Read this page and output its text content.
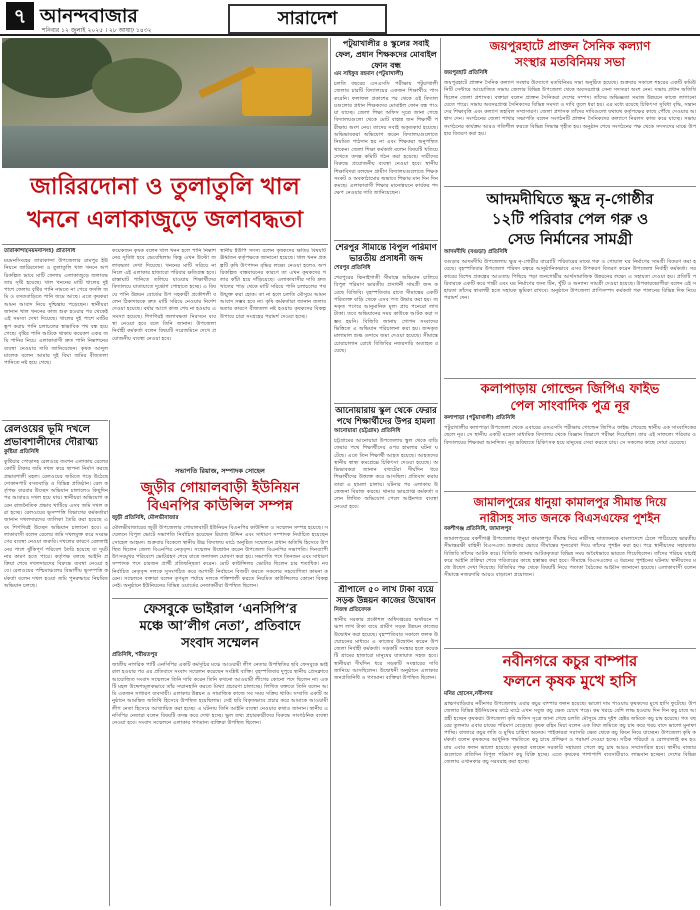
৭ আনন্দবাজার
শনিবার ১২ জুলাই ২০২৫ । ২৮ আষাঢ় ১৪৩২
সারাদেশ

জারিরদোনা ও তুলাতুলি খাল

খননে এলাকাজুড়ে জলাবদ্ধতা

তারাকান্দা(ময়মনসিংহ) প্রতিনিধি

ময়মনসিংহের তারাকান্দা উপজেলার রামপুর ইউনিয়নে জারিরদোনা ও তুলাতুলি খাল খননে অপরিকল্পিত ভাবে মাটি ফেলায় এলাকাজুড়ে জলাবদ্ধতার সৃষ্টি হয়েছে। খাল খননের মাটি খালের দুই পাশে ফেলায় বৃষ্টির পানি নামতে না পেরে ফসলি জমি ও বসতবাড়িতে পানি জমে আছে। এতে কৃষকরা আমন আবাদ নিয়ে দুশ্চিন্তায় পড়েছেন। স্থানীয়রা জানান খাল খননের কাজ শুরু হওয়ার পর থেকেই এই সমস্যা দেখা দিয়েছে। খালের দুই পাশে মাটির স্তূপ করায় পানি চলাচলের স্বাভাবিক পথ বন্ধ হয়ে গেছে। বৃষ্টির পানি আটকে থাকায় কয়েকশ একর জমি পানির নিচে। এলাকাবাসী দ্রুত পানি নিষ্কাশনের ব্যবস্থা নেওয়ার দাবি জানিয়েছেন। কৃষক আব্দুল মালেক বলেন আমার দুই বিঘা জমির বীজতলা পানিতে নষ্ট হয়ে গেছে।

কয়েকজন কৃষক বলেন খাল খনন হলে পানি নিষ্কাশনের সুবিধা হবে ভেবেছিলাম কিন্তু এখন উল্টো জলাবদ্ধতা দেখা দিয়েছে। খননের মাটি সরিয়ে না নিলে এই এলাকার হাজারো পরিবার ক্ষতিগ্রস্ত হবে। রাস্তাঘাট পানিতে তলিয়ে যাওয়ায় শিক্ষার্থীদের বিদ্যালয়ে যাতায়াতে দুর্ভোগ পোহাতে হচ্ছে। এ বিষয়ে পানি উন্নয়ন বোর্ডের উপ সহকারী প্রকৌশলী বলেন ঠিকাদারকে দ্রুত মাটি সরিয়ে নেওয়ার নির্দেশ দেওয়া হয়েছে। বর্ষার আগে কাজ শেষ না হওয়ায় এ সমস্যা হয়েছে। শিগগিরই জলাবদ্ধতা নিরসনে ব্যবস্থা নেওয়া হবে বলে তিনি জানান। উপজেলা নির্বাহী কর্মকর্তা বলেন বিষয়টি সরেজমিনে দেখে প্রয়োজনীয় ব্যবস্থা নেওয়া হবে।

স্থানীয় ইউপি সদস্য বলেন কৃষকদের ক্ষতির বিষয়টি ঊর্ধ্বতন কর্তৃপক্ষকে জানানো হয়েছে। খাল খনন প্রকল্পটি কৃষি উৎপাদন বৃদ্ধির লক্ষ্যে নেওয়া হলেও অপরিকল্পিত বাস্তবায়নের কারণে তা এখন কৃষকদের গলার কাঁটা হয়ে দাঁড়িয়েছে। এলাকাবাসীর দাবি দ্রুত খালের পাড় থেকে মাটি সরিয়ে পানি চলাচলের পথ উন্মুক্ত করা হোক। তা না হলে চলতি মৌসুমে আমন আবাদ সম্ভব হবে না। কৃষি কর্মকর্তারা জানান জলাবদ্ধতার কারণে বীজতলা নষ্ট হওয়ায় কৃষকদের বিকল্প উপায়ে চারা সংগ্রহের পরামর্শ দেওয়া হচ্ছে।

রেলওয়ের ভূমি দখলে প্রভাবশালীদের দৌরাত্ম্য

কুষ্টিয়া প্রতিনিধি

কুষ্টিয়ার পোড়াদহ রেলওয়ে জংশন এলাকায় রেলের কোটি টাকার জমি দখল করে স্থাপনা নির্মাণ করছে প্রভাবশালী মহল। রেলওয়ের জমিতে গড়ে উঠেছে দোকানপাট বসতবাড়ি ও বিভিন্ন প্রতিষ্ঠান। রেল কর্তৃপক্ষ বারবার উচ্ছেদ অভিযান চালালেও কিছুদিন পর আবারও দখল হয়ে যায়। স্থানীয়রা অভিযোগ করেন রাজনৈতিক প্রভাব খাটিয়ে এসব জমি দখল করা হচ্ছে। রেলওয়ের ভূসম্পত্তি বিভাগের কর্মকর্তারা জানান দখলদারদের তালিকা তৈরি করা হয়েছে এবং শিগগিরই উচ্ছেদ অভিযান চালানো হবে। এলাকাবাসী বলেন রেলের জমি দখলমুক্ত করে সংরক্ষণের ব্যবস্থা নেওয়া জরুরি। দখলের কারণে রেললাইনের পাশে ঝুঁকিপূর্ণ পরিবেশ তৈরি হয়েছে যা দুর্ঘটনার কারণ হতে পারে। কর্তৃপক্ষ বলছে আইনি প্রক্রিয়া শেষে দখলদারদের বিরুদ্ধে ব্যবস্থা নেওয়া হবে। রেলওয়ের পশ্চিমাঞ্চলের বিভাগীয় ভূসম্পত্তি কর্মকর্তা বলেন দখল হওয়া জমি পুনরুদ্ধারে নিয়মিত অভিযান চলছে।

সভাপতি রিয়াজ, সম্পাদক সোহেল

জুড়ীর গোয়ালবাড়ী ইউনিয়ন

বিএনপির কাউন্সিল সম্পন্ন

জুড়ী প্রতিনিধি, মৌলভীবাজার

মৌলভীবাজারের জুড়ী উপজেলার গোয়ালবাড়ী ইউনিয়ন বিএনপির কাউন্সিল ও সম্মেলন সম্পন্ন হয়েছে। সম্মেলনে বিপুল ভোটে সভাপতি নির্বাচিত হয়েছেন রিয়াজ উদ্দিন এবং সাধারণ সম্পাদক নির্বাচিত হয়েছেন সোহেল আহমদ। শুক্রবার বিকেলে স্থানীয় উচ্চ বিদ্যালয় মাঠে অনুষ্ঠিত সম্মেলনে প্রধান অতিথি হিসেবে উপস্থিত ছিলেন জেলা বিএনপির নেতৃবৃন্দ। সম্মেলন উদ্বোধন করেন উপজেলা বিএনপির সভাপতি। দিনব্যাপী উৎসবমুখর পরিবেশে ভোটগ্রহণ শেষে রাতে ফলাফল ঘোষণা করা হয়। সভাপতি পদে তিনজন এবং সাধারণ সম্পাদক পদে চারজন প্রার্থী প্রতিদ্বন্দ্বিতা করেন। মোট কাউন্সিলর ভোটার ছিলেন চার শতাধিক। নবনির্বাচিত নেতৃবৃন্দ দলকে সুসংগঠিত করে আগামী নির্বাচনে বিজয়ী করতে সকলের সহযোগিতা কামনা করেন। সম্মেলনে বক্তারা বলেন তৃণমূল পর্যায়ে দলকে শক্তিশালী করতে নিয়মিত কাউন্সিলের কোনো বিকল্প নেই। অনুষ্ঠানে ইউনিয়নের বিভিন্ন ওয়ার্ডের নেতাকর্মীরা উপস্থিত ছিলেন।

ফেসবুকে ভাইরাল ‘এনসিপি’র

মঞ্চে আ’লীগ নেতা’, প্রতিবাদে

সংবাদ সম্মেলন

প্রতিনিধি, শরীয়তপুর

জাতীয় নাগরিক পার্টি এনসিপির একটি কর্মসূচির মঞ্চে আওয়ামী লীগ নেতার উপস্থিতির ছবি ফেসবুকে ভাইরাল হওয়ার পর এর প্রতিবাদে সংবাদ সম্মেলন করেছেন সংশ্লিষ্ট ব্যক্তি। বৃহস্পতিবার দুপুরে স্থানীয় প্রেসক্লাবে আয়োজিত সংবাদ সম্মেলনে তিনি দাবি করেন তিনি কখনো আওয়ামী লীগের কোনো পদে ছিলেন না। একটি মহল উদ্দেশ্যমূলকভাবে তাঁর সম্মানহানি করতে মিথ্যা প্রচারণা চালাচ্ছে। লিখিত বক্তব্যে তিনি বলেন আমি একজন সাধারণ ব্যবসায়ী। এলাকার উন্নয়ন ও সামাজিক কাজে সব সময় সক্রিয় থাকি। সম্প্রতি একটি অনুষ্ঠানে আমন্ত্রিত অতিথি হিসেবে উপস্থিত হয়েছিলাম। সেই ছবি বিকৃতভাবে প্রচার করে আমাকে আওয়ামী লীগ নেতা হিসেবে আখ্যায়িত করা হচ্ছে। এ ঘটনায় তিনি আইনি ব্যবস্থা নেওয়ার কথাও জানান। স্থানীয় এনসিপির নেতারা বলেন বিষয়টি তদন্ত করে দেখা হচ্ছে। ভুল তথ্য প্রচারকারীদের বিরুদ্ধে সাংগঠনিক ব্যবস্থা নেওয়া হবে। সংবাদ সম্মেলনে এলাকার গণ্যমান্য ব্যক্তিরা উপস্থিত ছিলেন।

পটুয়াখালীর ৪ স্কুলের সবাই ফেল, প্রধান শিক্ষকদের মোবাইল ফোন বন্ধ

এম সাইফুর রহমান (পটুয়াখালী)

চলতি বছরের এসএসসি পরীক্ষায় পটুয়াখালী জেলার চারটি বিদ্যালয়ের একজন শিক্ষার্থীও পাস করেনি। ফলাফল প্রকাশের পর থেকে ওই বিদ্যালয়গুলোর প্রধান শিক্ষকদের মোবাইল ফোন বন্ধ পাওয়া যাচ্ছে। জেলা শিক্ষা অফিস সূত্রে জানা গেছে বিদ্যালয়গুলো থেকে মোট বাহান্ন জন শিক্ষার্থী পরীক্ষায় অংশ নেয়। তাদের সবাই অকৃতকার্য হয়েছে। অভিভাবকরা অভিযোগ করেন বিদ্যালয়গুলোতে নিয়মিত পাঠদান হয় না এবং শিক্ষকরা অনুপস্থিত থাকেন। জেলা শিক্ষা কর্মকর্তা বলেন বিষয়টি খতিয়ে দেখতে তদন্ত কমিটি গঠন করা হয়েছে। দায়ীদের বিরুদ্ধে প্রয়োজনীয় ব্যবস্থা নেওয়া হবে। স্থানীয় শিক্ষাবিদরা বলছেন গ্রামীণ বিদ্যালয়গুলোতে শিক্ষক সংকট ও অবকাঠামোর অভাবে শিক্ষার মান দিন দিন কমছে। এলাকাবাসী শিক্ষার মানোন্নয়নে কার্যকর পদক্ষেপ নেওয়ার দাবি জানিয়েছেন।

শেরপুর সীমান্তে বিপুল পরিমাণ ভারতীয় প্রসাধনী জব্দ

শেরপুর প্রতিনিধি

শেরপুরের ঝিনাইগাতী সীমান্তে অভিযান চালিয়ে বিপুল পরিমাণ ভারতীয় প্রসাধনী সামগ্রী জব্দ করেছে বিজিবি। বৃহস্পতিবার রাতে সীমান্তের একটি পরিত্যক্ত বাড়ি থেকে এসব পণ্য উদ্ধার করা হয়। জব্দকৃত পণ্যের আনুমানিক মূল্য প্রায় পনেরো লাখ টাকা। তবে অভিযানের সময় কাউকে আটক করা সম্ভব হয়নি। বিজিবি জানায় গোপন সংবাদের ভিত্তিতে এ অভিযান পরিচালনা করা হয়। জব্দকৃত মালামাল শুল্ক গুদামে জমা দেওয়া হয়েছে। সীমান্তে চোরাচালান রোধে বিজিবির নজরদারি অব্যাহত রয়েছে।

আনোয়ারায় স্কুল থেকে ফেরার পথে শিক্ষার্থীদের উপর হামলা

আনোয়ারা (চট্টগ্রাম) প্রতিনিধি

চট্টগ্রামের আনোয়ারা উপজেলায় স্কুল থেকে বাড়ি ফেরার পথে শিক্ষার্থীদের ওপর হামলার ঘটনা ঘটেছে। এতে তিন শিক্ষার্থী আহত হয়েছে। আহতদের স্থানীয় স্বাস্থ্য কমপ্লেক্সে চিকিৎসা দেওয়া হয়েছে। অভিভাবকরা জানান বখাটেরা দীর্ঘদিন ধরে শিক্ষার্থীদের উত্ত্যক্ত করে আসছিল। প্রতিবাদ করায় তারা এ হামলা চালায়। ঘটনার পর এলাকায় উত্তেজনা বিরাজ করছে। থানার ভারপ্রাপ্ত কর্মকর্তা বলেন লিখিত অভিযোগ পেলে আইনগত ব্যবস্থা নেওয়া হবে।

শ্রীপালে ৫০ লাখ টাকা ব্যয়ে সড়ক উন্নয়ন কাজের উদ্বোধন

নিজস্ব প্রতিবেদক

স্থানীয় সরকার প্রকৌশল অধিদপ্তরের অর্থায়নে পঞ্চাশ লাখ টাকা ব্যয়ে গ্রামীণ সড়ক উন্নয়ন কাজের উদ্বোধন করা হয়েছে। বৃহস্পতিবার সকালে ফলক উন্মোচনের মাধ্যমে এ কাজের উদ্বোধন করেন উপজেলা নির্বাহী কর্মকর্তা। সড়কটি সংস্কার হলে কয়েকটি গ্রামের হাজারো মানুষের যাতায়াত সহজ হবে। স্থানীয়রা দীর্ঘদিন ধরে সড়কটি সংস্কারের দাবি জানিয়ে আসছিলেন। উদ্বোধনী অনুষ্ঠানে এলাকার জনপ্রতিনিধি ও গণ্যমান্য ব্যক্তিরা উপস্থিত ছিলেন।

জয়পুরহাটে প্রাক্তন সৈনিক কল্যাণ

সংস্থার মতবিনিময় সভা

জয়পুরহাট প্রতিনিধি

জয়পুরহাটে প্রাক্তন সৈনিক কল্যাণ সংস্থার উদ্যোগে মতবিনিময় সভা অনুষ্ঠিত হয়েছে। শুক্রবার সকালে শহরের একটি কমিউনিটি সেন্টারে আয়োজিত সভায় জেলার বিভিন্ন উপজেলা থেকে অবসরপ্রাপ্ত সেনা সদস্যরা অংশ নেন। সভায় প্রধান অতিথি ছিলেন জেলা প্রশাসক। বক্তারা বলেন প্রাক্তন সৈনিকরা দেশের সম্পদ। তাঁদের অভিজ্ঞতা সমাজ উন্নয়নে কাজে লাগানো যেতে পারে। সভায় অবসরপ্রাপ্ত সৈনিকদের বিভিন্ন সমস্যা ও দাবি তুলে ধরা হয়। এর মধ্যে রয়েছে চিকিৎসা সুবিধা বৃদ্ধি, সন্তানদের শিক্ষাবৃত্তি এবং কল্যাণ তহবিল সম্প্রসারণ। জেলা প্রশাসক তাঁদের দাবিগুলো যথাযথ কর্তৃপক্ষের কাছে পৌঁছে দেওয়ার আশ্বাস দেন। সংগঠনের জেলা শাখার সভাপতি বলেন সংগঠনটি প্রাক্তন সৈনিকদের কল্যাণে নিরলস কাজ করে যাচ্ছে। সভায় সংগঠনের কার্যক্রম আরও গতিশীল করতে বিভিন্ন সিদ্ধান্ত গৃহীত হয়। অনুষ্ঠান শেষে সংগঠনের পক্ষ থেকে সদস্যদের মাঝে উপহার বিতরণ করা হয়।

আদমদীঘিতে ক্ষুদ্র নৃ-গোষ্ঠীর

১২টি পরিবার পেল গরু ও

সেড নির্মানের সামগ্রী

আদমদীঘি (বগুড়া) প্রতিনিধি

বগুড়ার আদমদীঘি উপজেলায় ক্ষুদ্র নৃ-গোষ্ঠীর বারোটি পরিবারের মাঝে গরু ও গোয়াল ঘর নির্মাণের সামগ্রী বিতরণ করা হয়েছে। বৃহস্পতিবার উপজেলা পরিষদ চত্বরে আনুষ্ঠানিকভাবে এসব উপকরণ বিতরণ করেন উপজেলা নির্বাহী কর্মকর্তা। সরকারের বিশেষ প্রকল্পের আওতায় পিছিয়ে পড়া জনগোষ্ঠীর আর্থসামাজিক উন্নয়নের লক্ষ্যে এ সহায়তা দেওয়া হয়। প্রতিটি পরিবারকে একটি করে গাভী এবং ঘর নির্মাণের জন্য টিন, খুঁটি ও অন্যান্য সামগ্রী দেওয়া হয়েছে। উপকারভোগীরা বলেন এই সহায়তা তাঁদের স্বাবলম্বী হতে সহায়ক ভূমিকা রাখবে। অনুষ্ঠানে উপজেলা প্রাণিসম্পদ কর্মকর্তা গরু পালনের বিভিন্ন দিক নিয়ে পরামর্শ দেন।

কলাপাড়ায় গোল্ডেন জিপিএ ফাইভ

পেল সাংবাদিক পুত্র নূর

কলাপাড়া (পটুয়াখালী) প্রতিনিধি

পটুয়াখালীর কলাপাড়া উপজেলা থেকে এবারের এসএসসি পরীক্ষায় গোল্ডেন জিপিএ ফাইভ পেয়েছে স্থানীয় এক সাংবাদিকের ছেলে নূর। সে স্থানীয় একটি মডেল মাধ্যমিক বিদ্যালয় থেকে বিজ্ঞান বিভাগে পরীক্ষা দিয়েছিল। তার এই সাফল্যে পরিবার ও বিদ্যালয়ের শিক্ষকরা আনন্দিত। নূর ভবিষ্যতে চিকিৎসক হয়ে মানুষের সেবা করতে চায়। সে সকলের কাছে দোয়া চেয়েছে।

জামালপুরের ধানুয়া কামালপুর সীমান্ত দিয়ে

নারীসহ সাত জনকে বিএসএফের পুশইন

বকশীগঞ্জ প্রতিনিধি, জামালপুর

জামালপুরের বকশীগঞ্জ উপজেলার ধানুয়া কামালপুর সীমান্ত দিয়ে নারীসহ সাতজনকে বাংলাদেশে ঠেলে পাঠিয়েছে ভারতীয় সীমান্তরক্ষী বাহিনী বিএসএফ। শুক্রবার ভোরে সীমান্তের শূন্যরেখা দিয়ে তাঁদের পুশইন করা হয়। পরে স্থানীয়দের সহায়তায় বিজিবি তাঁদের আটক করে। বিজিবি জানায় আটককৃতরা বিভিন্ন সময় অবৈধভাবে ভারতে গিয়েছিলেন। তাঁদের পরিচয় যাচাই করে আইনি প্রক্রিয়া শেষে পরিবারের কাছে হস্তান্তর করা হবে। সীমান্তে বিএসএফের এ ধরনের পুশইনের ঘটনায় স্থানীয়দের মধ্যে উদ্বেগ দেখা দিয়েছে। বিজিবির পক্ষ থেকে বিষয়টি নিয়ে পতাকা বৈঠকের আহ্বান জানানো হয়েছে। এলাকাবাসী বলেন সীমান্তে নজরদারি আরও বাড়ানো প্রয়োজন।

নবীনগরে কচুর বাম্পার

ফলনে কৃষক মুখে হাসি

মনির হোসেন,নবীনগর

ব্রাহ্মণবাড়িয়ার নবীনগর উপজেলায় এবার কচুর বাম্পার ফলন হয়েছে। ভালো দাম পাওয়ায় কৃষকদের মুখে হাসি ফুটেছে। উপজেলার বিভিন্ন ইউনিয়নের মাঠে মাঠে এখন সবুজ কচু ক্ষেত চোখে পড়ে। কম খরচে বেশি লাভ হওয়ায় দিন দিন কচু চাষে আগ্রহী হচ্ছেন কৃষকরা। উপজেলা কৃষি অফিস সূত্রে জানা গেছে চলতি মৌসুমে প্রায় দুইশ হেক্টর জমিতে কচু চাষ হয়েছে। গত বছরের তুলনায় এবার চাষের পরিমাণ বেড়েছে। কৃষক রহিম মিয়া বলেন এক বিঘা জমিতে কচু চাষ করে খরচ বাদে ভালো মুনাফা পাচ্ছি। বাজারে কচুর লতি ও মুখির চাহিদা অনেক। পাইকাররা সরাসরি ক্ষেত থেকে কচু কিনে নিয়ে যাচ্ছেন। উপজেলা কৃষি কর্মকর্তা বলেন কৃষকদের আধুনিক পদ্ধতিতে কচু চাষে প্রশিক্ষণ ও পরামর্শ দেওয়া হচ্ছে। সঠিক পরিচর্যা ও রোগবালাই কম হওয়ায় এবার ফলন ভালো হয়েছে। কৃষকরা বলছেন সরকারি সহায়তা পেলে কচু চাষ আরও সম্প্রসারিত হবে। স্থানীয় বাজারগুলোতে প্রতিদিন বিপুল পরিমাণ কচু বিক্রি হচ্ছে। এতে কৃষকের পাশাপাশি ব্যবসায়ীরাও লাভবান হচ্ছেন। দেশের বিভিন্ন জেলায় এখানকার কচু সরবরাহ করা হচ্ছে।
